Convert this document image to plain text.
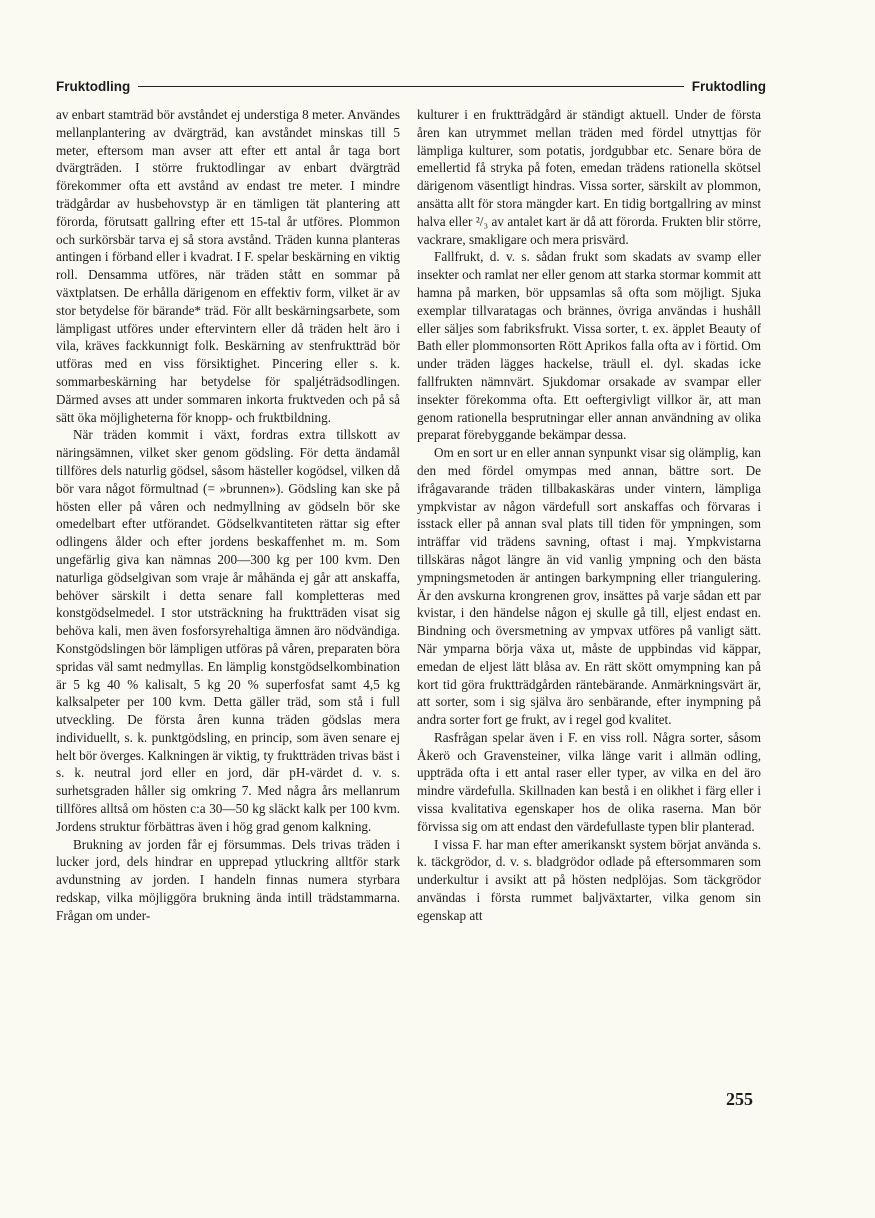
Fruktodling	Fruktodling

av enbart stamträd bör avståndet ej understiga 8 meter. Användes mellanplantering av dvärgträd, kan avståndet minskas till 5 meter, eftersom man avser att efter ett antal år taga bort dvärgträden. I större fruktodlingar av enbart dvärgträd förekommer ofta ett avstånd av endast tre meter. I mindre trädgårdar av husbehovstyp är en tämligen tät plantering att förorda, förutsatt gallring efter ett 15-tal år utföres. Plommon och surkörsbär tarva ej så stora avstånd. Träden kunna planteras antingen i förband eller i kvadrat. I F. spelar beskärning en viktig roll. Densamma utföres, när träden stått en sommar på växtplatsen. De erhålla därigenom en effektiv form, vilket är av stor betydelse för bärande* träd. För allt beskärningsarbete, som lämpligast utföres under eftervintern eller då träden helt äro i vila, kräves fackkunnigt folk. Beskärning av stenfruktträd bör utföras med en viss försiktighet. Pincering eller s. k. sommarbeskärning har betydelse för spaljéträdsodlingen. Därmed avses att under sommaren inkorta fruktveden och på så sätt öka möjligheterna för knopp- och fruktbildning.

När träden kommit i växt, fordras extra tillskott av näringsämnen, vilket sker genom gödsling. För detta ändamål tillföres dels naturlig gödsel, såsom hästeller kogödsel, vilken då bör vara något förmultnad (= »brunnen»). Gödsling kan ske på hösten eller på våren och nedmyllning av gödseln bör ske omedelbart efter utförandet. Gödselkvantiteten rättar sig efter odlingens ålder och efter jordens beskaffenhet m. m. Som ungefärlig giva kan nämnas 200—300 kg per 100 kvm. Den naturliga gödselgivan som vraje år måhända ej går att anskaffa, behöver särskilt i detta senare fall kompletteras med konstgödselmedel. I stor utsträckning ha fruktträden visat sig behöva kali, men även fosforsyrehaltiga ämnen äro nödvändiga. Konstgödslingen bör lämpligen utföras på våren, preparaten böra spridas väl samt nedmyllas. En lämplig konstgödselkombination är 5 kg 40 % kalisalt, 5 kg 20 % superfosfat samt 4,5 kg kalksalpeter per 100 kvm. Detta gäller träd, som stå i full utveckling. De första åren kunna träden gödslas mera individuellt, s. k. punktgödsling, en princip, som även senare ej helt bör överges. Kalkningen är viktig, ty fruktträden trivas bäst i s. k. neutral jord eller en jord, där pH-värdet d. v. s. surhetsgraden håller sig omkring 7. Med några års mellanrum tillföres alltså om hösten c:a 30—50 kg släckt kalk per 100 kvm. Jordens struktur förbättras även i hög grad genom kalkning.

Brukning av jorden får ej försummas. Dels trivas träden i lucker jord, dels hindrar en upprepad ytluckring alltför stark avdunstning av jorden. I handeln finnas numera styrbara redskap, vilka möjliggöra brukning ända intill trädstammarna. Frågan om under-

kulturer i en fruktträdgård är ständigt aktuell. Under de första åren kan utrymmet mellan träden med fördel utnyttjas för lämpliga kulturer, som potatis, jordgubbar etc. Senare böra de emellertid få stryka på foten, emedan trädens rationella skötsel därigenom väsentligt hindras. Vissa sorter, särskilt av plommon, ansätta allt för stora mängder kart. En tidig bortgallring av minst halva eller ²/₃ av antalet kart är då att förorda. Frukten blir större, vackrare, smakligare och mera prisvärd.

Fallfrukt, d. v. s. sådan frukt som skadats av svamp eller insekter och ramlat ner eller genom att starka stormar kommit att hamna på marken, bör uppsamlas så ofta som möjligt. Sjuka exemplar tillvaratagas och brännes, övriga användas i hushåll eller säljes som fabriksfrukt. Vissa sorter, t. ex. äpplet Beauty of Bath eller plommonsorten Rött Aprikos falla ofta av i förtid. Om under träden lägges hackelse, träull el. dyl. skadas icke fallfrukten nämnvärt. Sjukdomar orsakade av svampar eller insekter förekomma ofta. Ett oeftergivligt villkor är, att man genom rationella besprutningar eller annan användning av olika preparat förebyggande bekämpar dessa.

Om en sort ur en eller annan synpunkt visar sig olämplig, kan den med fördel omympas med annan, bättre sort. De ifrågavarande träden tillbakaskäras under vintern, lämpliga ympkvistar av någon värdefull sort anskaffas och förvaras i isstack eller på annan sval plats till tiden för ympningen, som inträffar vid trädens savning, oftast i maj. Ympkvistarna tillskäras något längre än vid vanlig ympning och den bästa ympningsmetoden är antingen barkympning eller triangulering. Är den avskurna krongrenen grov, insättes på varje sådan ett par kvistar, i den händelse någon ej skulle gå till, eljest endast en. Bindning och översmetning av ympvax utföres på vanligt sätt. När ymparna börja växa ut, måste de uppbindas vid käppar, emedan de eljest lätt blåsa av. En rätt skött omympning kan på kort tid göra fruktträdgården räntebärande. Anmärkningsvärt är, att sorter, som i sig själva äro senbärande, efter inympning på andra sorter fort ge frukt, av i regel god kvalitet.

Rasfrågan spelar även i F. en viss roll. Några sorter, såsom Åkerö och Gravensteiner, vilka länge varit i allmän odling, uppträda ofta i ett antal raser eller typer, av vilka en del äro mindre värdefulla. Skillnaden kan bestå i en olikhet i färg eller i vissa kvalitativa egenskaper hos de olika raserna. Man bör förvissa sig om att endast den värdefullaste typen blir planterad.

I vissa F. har man efter amerikanskt system börjat använda s. k. täckgrödor, d. v. s. bladgrödor odlade på eftersommaren som underkultur i avsikt att på hösten nedplöjas. Som täckgrödor användas i första rummet baljväxtarter, vilka genom sin egenskap att

255
